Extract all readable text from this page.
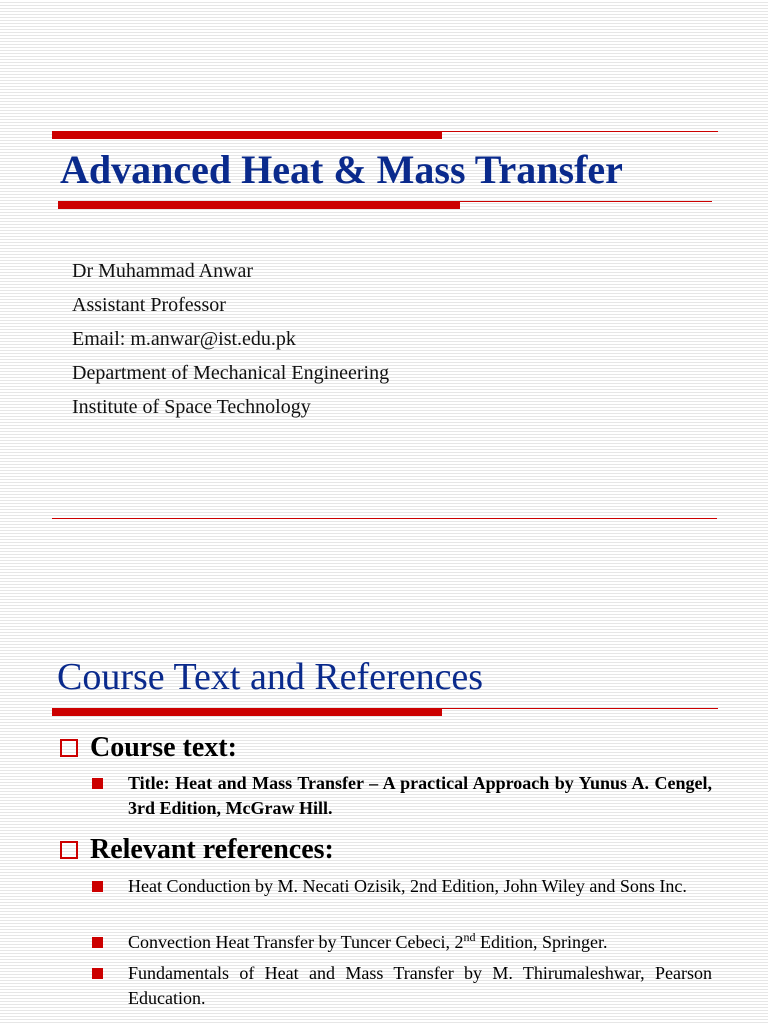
Advanced Heat & Mass Transfer
Dr Muhammad Anwar
Assistant Professor
Email: m.anwar@ist.edu.pk
Department of Mechanical Engineering
Institute of Space Technology
Course Text and References
Course text:
Title: Heat and Mass Transfer – A practical Approach by Yunus A. Cengel, 3rd Edition, McGraw Hill.
Relevant references:
Heat Conduction by M. Necati Ozisik, 2nd Edition, John Wiley and Sons Inc.
Convection Heat Transfer by Tuncer Cebeci, 2nd Edition, Springer.
Fundamentals of Heat and Mass Transfer by M. Thirumaleshwar, Pearson Education.
